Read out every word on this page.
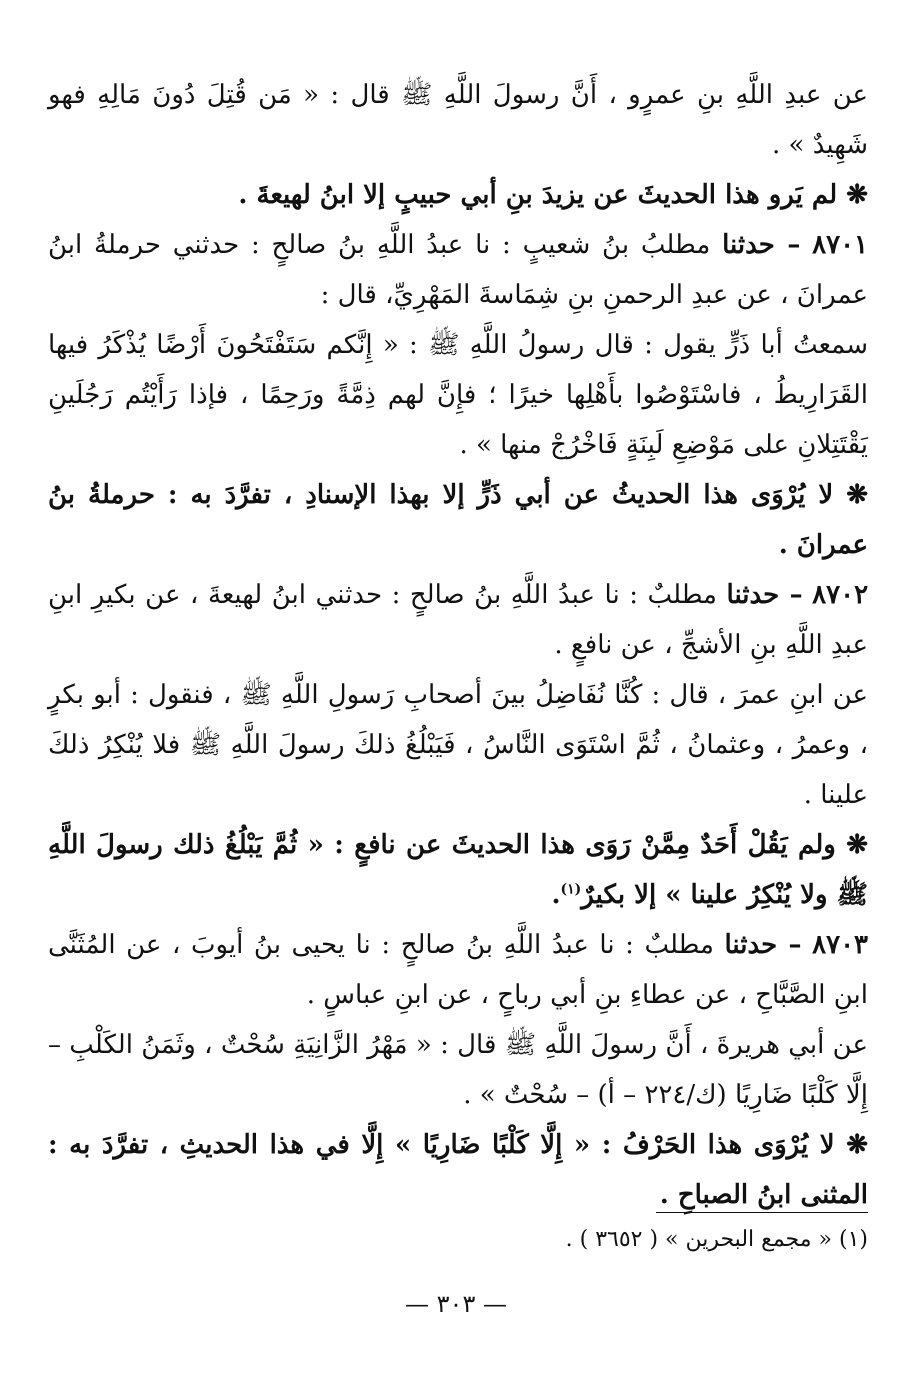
عن عبدِ اللَّهِ بنِ عمرٍو ، أَنَّ رسولَ اللَّهِ ﷺ قال : « مَن قُتِلَ دُونَ مَالِهِ فهو شَهِيدٌ » .

❋ لم يَرو هذا الحديثَ عن يزيدَ بنِ أبي حبيبٍ إلا ابنُ لهيعةَ .

٨٧٠١ – حدثنا مطلبُ بنُ شعيبٍ : نا عبدُ اللَّهِ بنُ صالحٍ : حدثني حرملةُ ابنُ عمرانَ ، عن عبدِ الرحمنِ بنِ شِمَاسةَ المَهْرِيِّ، قال :

سمعتُ أبا ذَرٍّ يقول : قال رسولُ اللَّهِ ﷺ : « إِنَّكم سَتَفْتَحُونَ أَرْضًا يُذْكَرُ فيها القَرَارِيطُ ، فاسْتَوْصُوا بأَهْلِها خيرًا ؛ فإِنَّ لهم ذِمَّةً ورَحِمًا ، فإذا رَأَيْتُم رَجُلَينِ يَقْتَتِلانِ على مَوْضِعِ لَبِنَةٍ فَاخْرُجْ منها » .

❋ لا يُرْوَى هذا الحديثُ عن أبي ذَرٍّ إلا بهذا الإسنادِ ، تفرَّدَ به : حرملةُ بنُ عمرانَ .

٨٧٠٢ – حدثنا مطلبٌ : نا عبدُ اللَّهِ بنُ صالحٍ : حدثني ابنُ لهيعةَ ، عن بكيرِ ابنِ عبدِ اللَّهِ بنِ الأشجِّ ، عن نافعٍ .

عن ابنِ عمرَ ، قال : كُنَّا نُفَاضِلُ بينَ أصحابِ رَسولِ اللَّهِ ﷺ ، فنقول : أبو بكرٍ ، وعمرُ ، وعثمانُ ، ثُمَّ اسْتَوَى النَّاسُ ، فَيَبْلُغُ ذلكَ رسولَ اللَّهِ ﷺ فلا يُنْكِرُ ذلكَ علينا .

❋ ولم يَقُلْ أَحَدٌ مِمَّنْ رَوَى هذا الحديثَ عن نافعٍ : « ثُمَّ يَبْلُغُ ذلك رسولَ اللَّهِ ﷺ ولا يُنْكِرُ علينا » إلا بكيرٌ$^{(١)}$.

٨٧٠٣ – حدثنا مطلبٌ : نا عبدُ اللَّهِ بنُ صالحٍ : نا يحيى بنُ أيوبَ ، عن المُثَنَّى ابنِ الصَّبَّاحِ ، عن عطاءِ بنِ أبي رباحٍ ، عن ابنِ عباسٍ .

عن أبي هريرةَ ، أَنَّ رسولَ اللَّهِ ﷺ قال : « مَهْرُ الزَّانِيَةِ سُحْتٌ ، وثَمَنُ الكَلْبِ – إِلَّا كَلْبًا ضَارِيًا (ك/٢٢٤ – أ) – سُحْتٌ » .

❋ لا يُرْوَى هذا الحَرْفُ : « إِلَّا كَلْبًا ضَارِيًا » إِلَّا في هذا الحديثِ ، تفرَّدَ به : المثنى ابنُ الصباحِ .

(١) « مجمع البحرين » ( ٣٦٥٢ ) .
— ٣٠٣ —
